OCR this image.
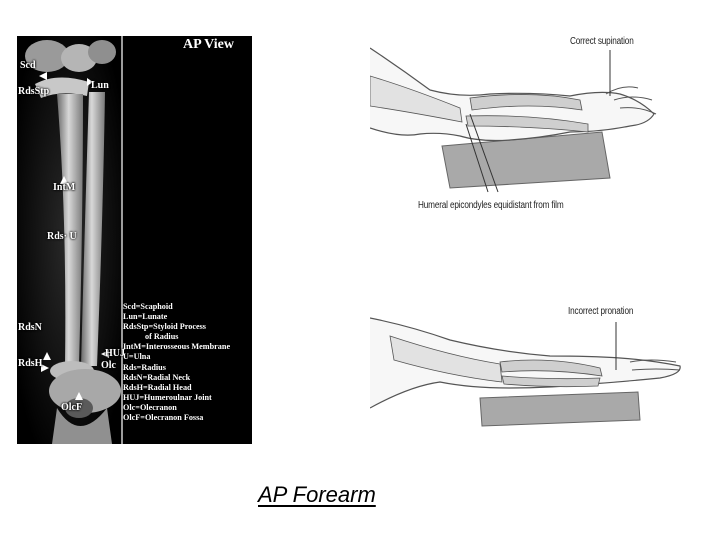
AP View
Scd
RdsStp
Lun
IntM
Rds· U
RdsN
HUJ
RdsH	Olc
OlcF
Scd=Scaphoid
Lun=Lunate
RdsStp=Styloid Process
of Radius
IntM=Interosseous Membrane
U=Ulna
Rds=Radius
RdsN=Radial Neck
RdsH=Radial Head
HUJ=Humeroulnar Joint
Olc=Olecranon
OlcF=Olecranon Fossa
Correct supination
Humeral epicondyles equidistant from film
Incorrect pronation
AP Forearm
